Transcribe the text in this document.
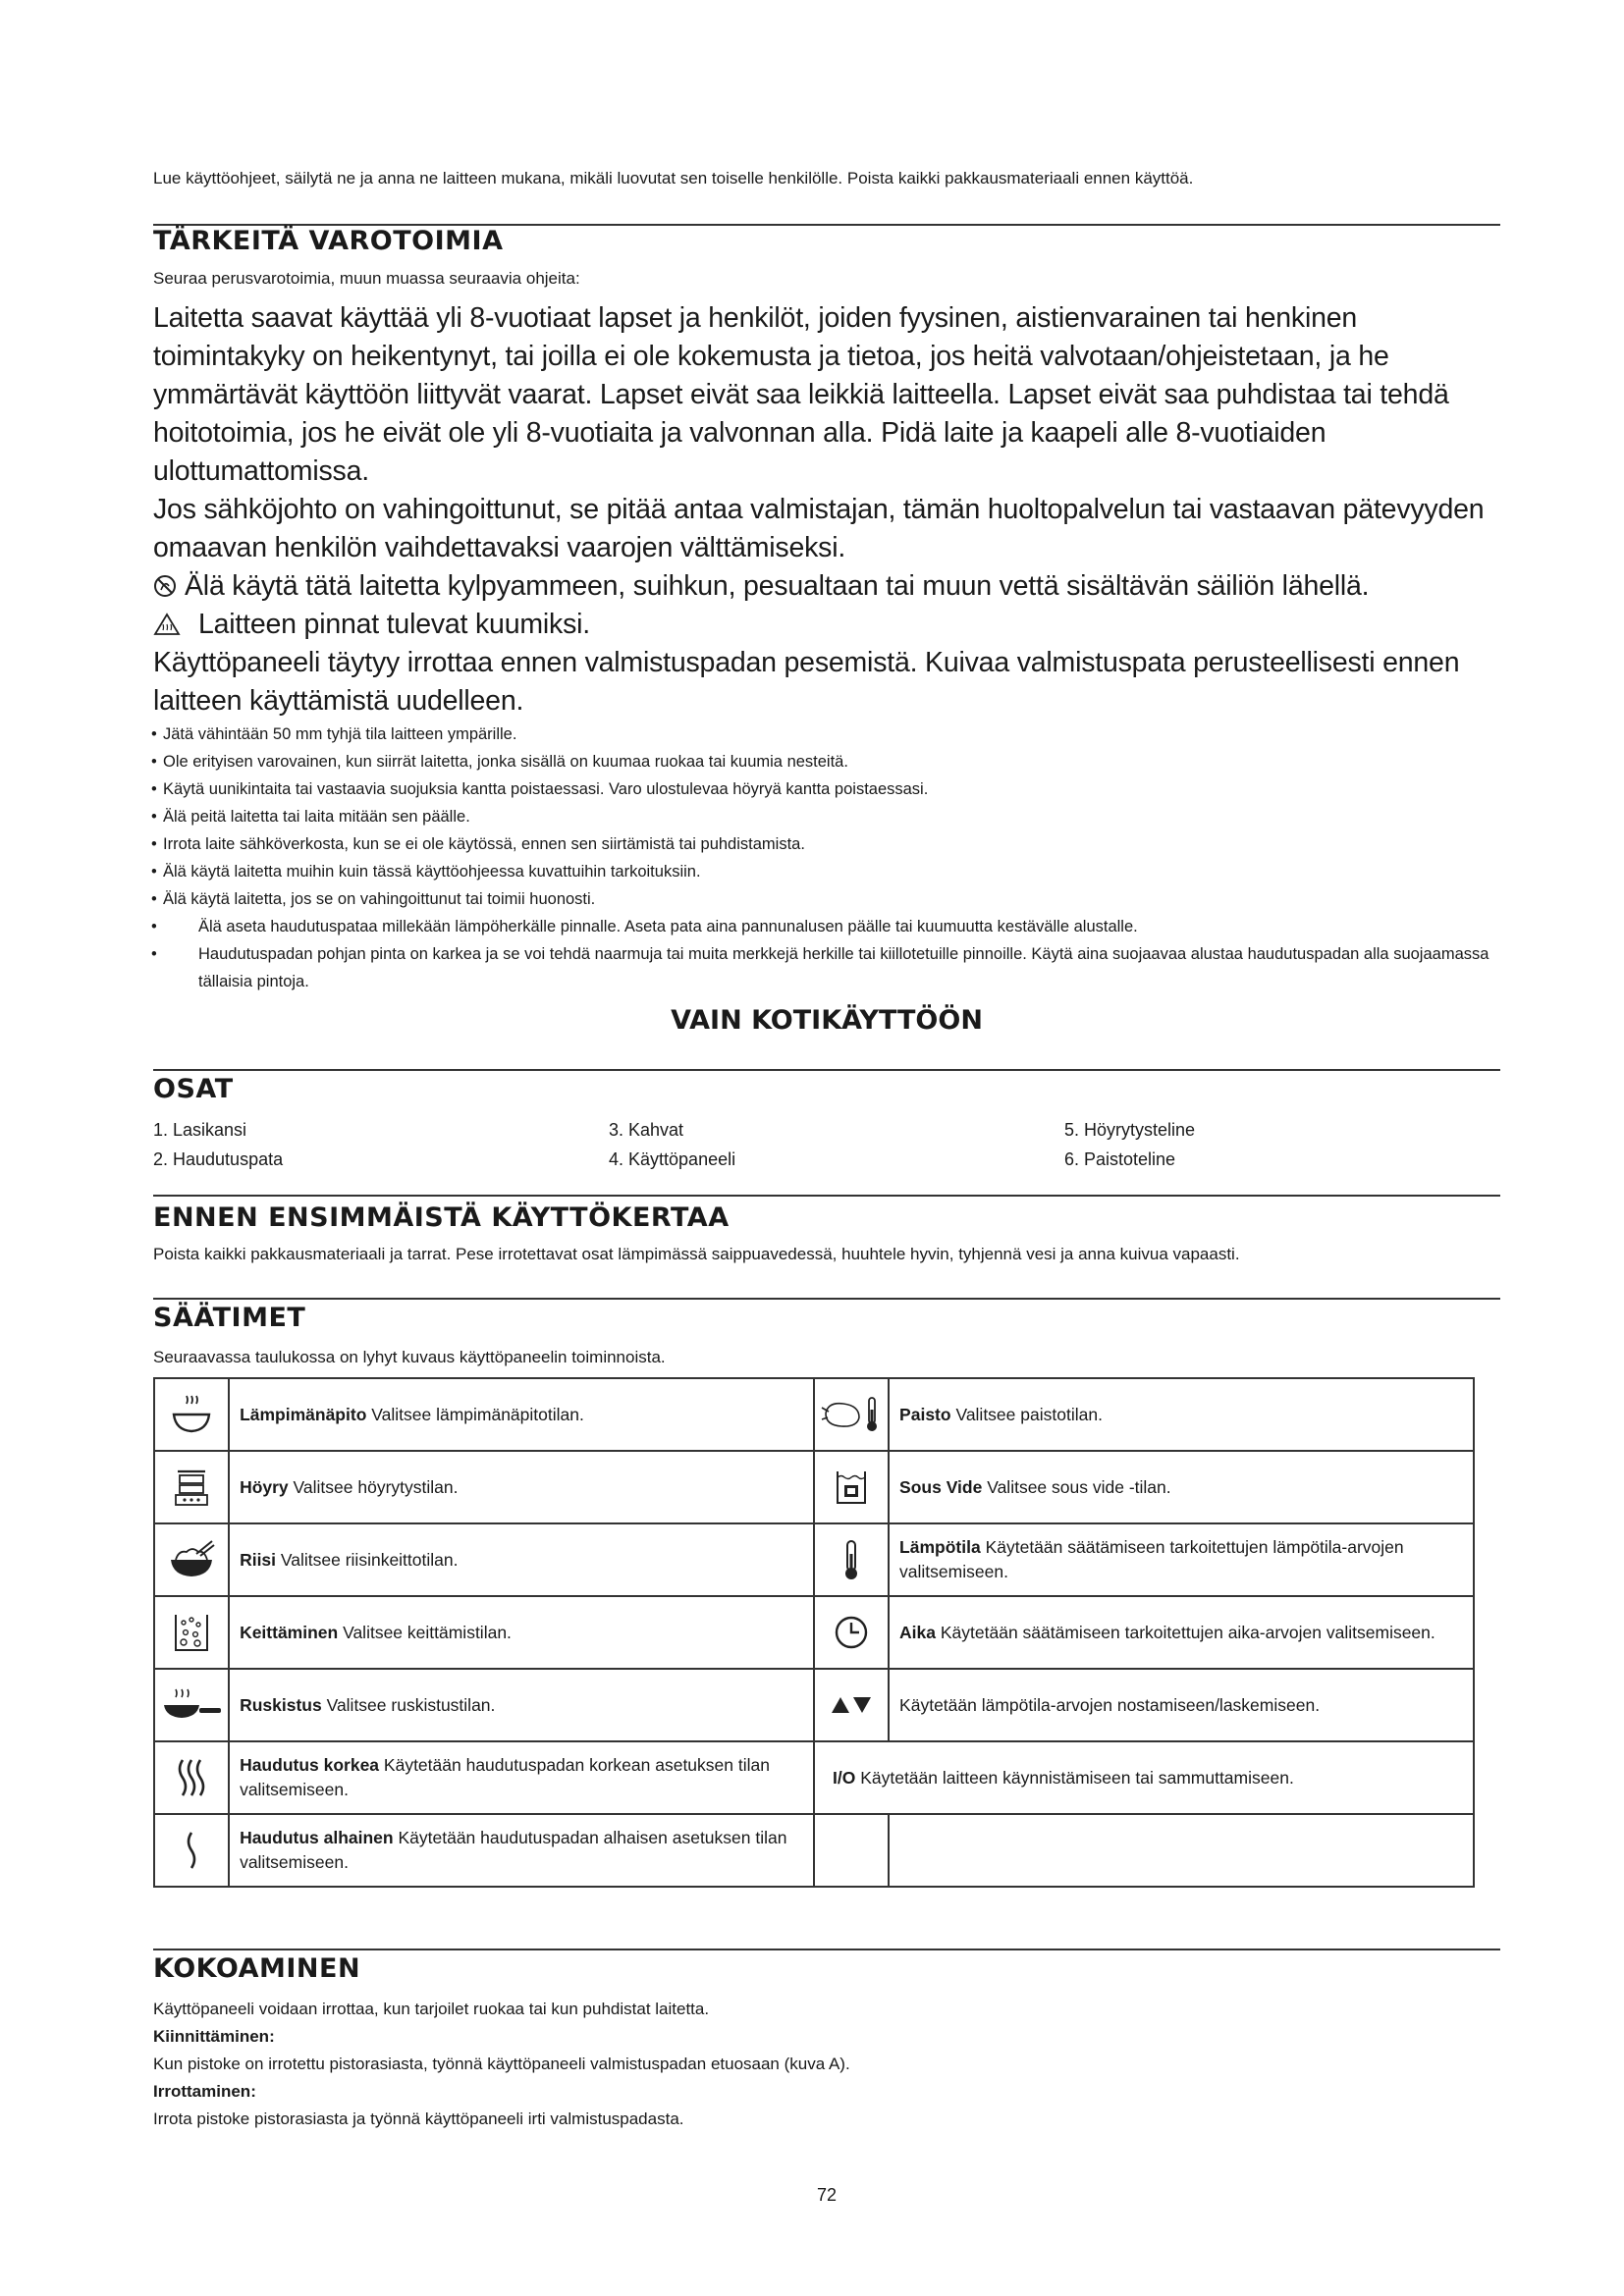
Lue käyttöohjeet, säilytä ne ja anna ne laitteen mukana, mikäli luovutat sen toiselle henkilölle. Poista kaikki pakkausmateriaali ennen käyttöä.
TÄRKEITÄ VAROTOIMIA
Seuraa perusvarotoimia, muun muassa seuraavia ohjeita:
Laitetta saavat käyttää yli 8-vuotiaat lapset ja henkilöt, joiden fyysinen, aistienvarainen tai henkinen toimintakyky on heikentynyt, tai joilla ei ole kokemusta ja tietoa, jos heitä valvotaan/ohjeistetaan, ja he ymmärtävät käyttöön liittyvät vaarat. Lapset eivät saa leikkiä laitteella. Lapset eivät saa puhdistaa tai tehdä hoitotoimia, jos he eivät ole yli 8-vuotiaita ja valvonnan alla. Pidä laite ja kaapeli alle 8-vuotiaiden ulottumattomissa.
Jos sähköjohto on vahingoittunut, se pitää antaa valmistajan, tämän huoltopalvelun tai vastaavan pätevyyden omaavan henkilön vaihdettavaksi vaarojen välttämiseksi.
Älä käytä tätä laitetta kylpyammeen, suihkun, pesualtaan tai muun vettä sisältävän säiliön lähellä.
Laitteen pinnat tulevat kuumiksi.
Käyttöpaneeli täytyy irrottaa ennen valmistuspadan pesemistä. Kuivaa valmistuspata perusteellisesti ennen laitteen käyttämistä uudelleen.
• Jätä vähintään 50 mm tyhjä tila laitteen ympärille.
• Ole erityisen varovainen, kun siirrät laitetta, jonka sisällä on kuumaa ruokaa tai kuumia nesteitä.
• Käytä uunikintaita tai vastaavia suojuksia kantta poistaessasi. Varo ulostulevaa höyryä kantta poistaessasi.
• Älä peitä laitetta tai laita mitään sen päälle.
• Irrota laite sähköverkosta, kun se ei ole käytössä, ennen sen siirtämistä tai puhdistamista.
• Älä käytä laitetta muihin kuin tässä käyttöohjeessa kuvattuihin tarkoituksiin.
• Älä käytä laitetta, jos se on vahingoittunut tai toimii huonosti.
• Älä aseta haudutuspataa millekään lämpöherkälle pinnalle. Aseta pata aina pannunalusen päälle tai kuumuutta kestävälle alustalle.
• Haudutuspadan pohjan pinta on karkea ja se voi tehdä naarmuja tai muita merkkejä herkille tai kiillotetuille pinnoille. Käytä aina suojaavaa alustaa haudutuspadan alla suojaamassa tällaisia pintoja.
VAIN KOTIKÄYTTÖÖN
OSAT
1. Lasikansi
2. Haudutuspata
3. Kahvat
4. Käyttöpaneeli
5. Höyrytysteline
6. Paistoteline
ENNEN ENSIMMÄISTÄ KÄYTTÖKERTAA
Poista kaikki pakkausmateriaali ja tarrat. Pese irrotettavat osat lämpimässä saippuavedessä, huuhtele hyvin, tyhjennä vesi ja anna kuivua vapaasti.
SÄÄTIMET
Seuraavassa taulukossa on lyhyt kuvaus käyttöpaneelin toiminnoista.
	Lämpimänäpito Valitsee lämpimänäpitotilan.		Paisto Valitsee paistotilan.

	Höyry Valitsee höyrytystilan.		Sous Vide Valitsee sous vide -tilan.

	Riisi Valitsee riisinkeittotilan.		Lämpötila Käytetään säätämiseen tarkoitettujen lämpötila-arvojen valitsemiseen.

	Keittäminen Valitsee keittämistilan.		Aika Käytetään säätämiseen tarkoitettujen aika-arvojen valitsemiseen.

	Ruskistus Valitsee ruskistustilan.		Käytetään lämpötila-arvojen nostamiseen/laskemiseen.

	Haudutus korkea Käytetään haudutuspadan korkean asetuksen tilan valitsemiseen.	I/O Käytetään laitteen käynnistämiseen tai sammuttamiseen.	

	Haudutus alhainen Käytetään haudutuspadan alhaisen asetuksen tilan valitsemiseen.		
KOKOAMINEN
Käyttöpaneeli voidaan irrottaa, kun tarjoilet ruokaa tai kun puhdistat laitetta.
Kiinnittäminen:
Kun pistoke on irrotettu pistorasiasta, työnnä käyttöpaneeli valmistuspadan etuosaan (kuva A).
Irrottaminen:
Irrota pistoke pistorasiasta ja työnnä käyttöpaneeli irti valmistuspadasta.
72
